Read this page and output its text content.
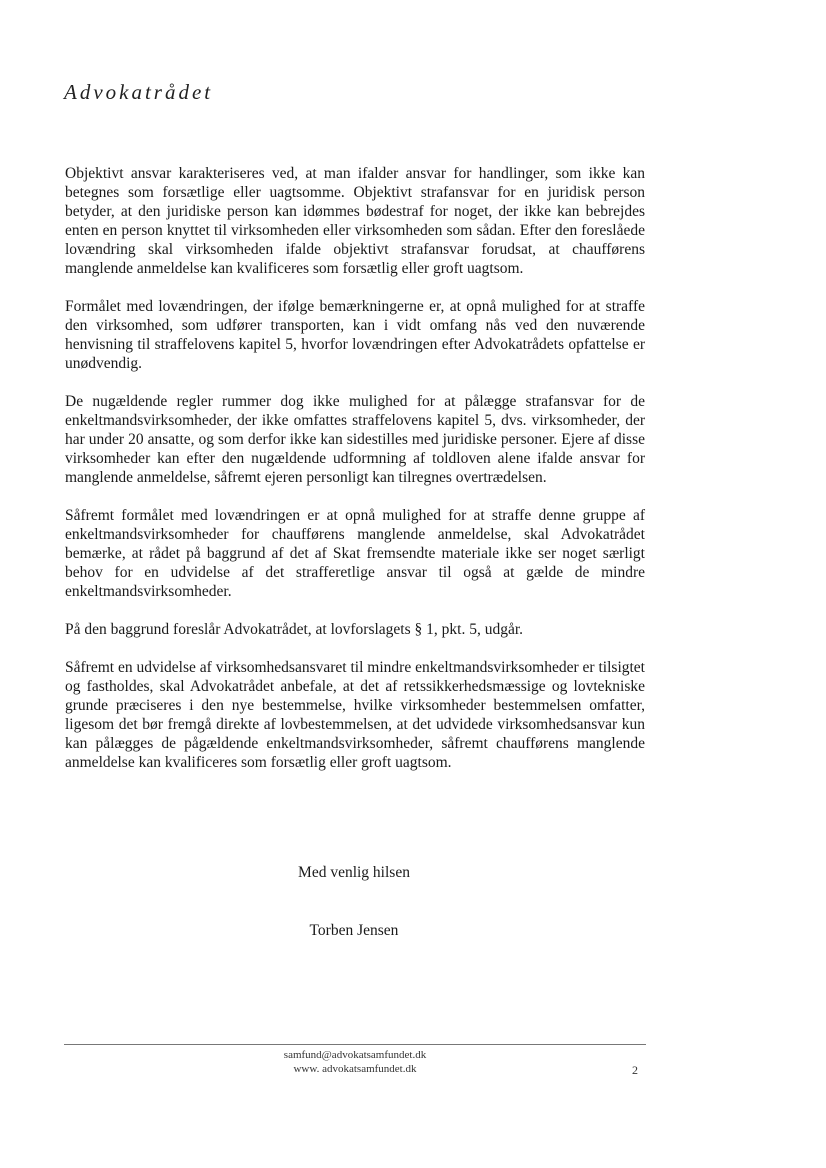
Advokatrådet

Objektivt ansvar karakteriseres ved, at man ifalder ansvar for handlinger, som ikke kan betegnes som forsætlige eller uagtsomme. Objektivt strafansvar for en juridisk person betyder, at den juridiske person kan idømmes bødestraf for noget, der ikke kan bebrejdes enten en person knyttet til virksomheden eller virksomheden som sådan. Efter den foreslåede lovændring skal virksomheden ifalde objektivt strafansvar forudsat, at chaufførens manglende anmeldelse kan kvalificeres som forsætlig eller groft uagtsom.

Formålet med lovændringen, der ifølge bemærkningerne er, at opnå mulighed for at straffe den virksomhed, som udfører transporten, kan i vidt omfang nås ved den nuværende henvisning til straffelovens kapitel 5, hvorfor lovændringen efter Advokatrådets opfattelse er unødvendig.

De nugældende regler rummer dog ikke mulighed for at pålægge strafansvar for de enkeltmandsvirksomheder, der ikke omfattes straffelovens kapitel 5, dvs. virksomheder, der har under 20 ansatte, og som derfor ikke kan sidestilles med juridiske personer. Ejere af disse virksomheder kan efter den nugældende udformning af toldloven alene ifalde ansvar for manglende anmeldelse, såfremt ejeren personligt kan tilregnes overtrædelsen.

Såfremt formålet med lovændringen er at opnå mulighed for at straffe denne gruppe af enkeltmandsvirksomheder for chaufførens manglende anmeldelse, skal Advokatrådet bemærke, at rådet på baggrund af det af Skat fremsendte materiale ikke ser noget særligt behov for en udvidelse af det strafferetlige ansvar til også at gælde de mindre enkeltmandsvirksomheder.

På den baggrund foreslår Advokatrådet, at lovforslagets § 1, pkt. 5, udgår.

Såfremt en udvidelse af virksomhedsansvaret til mindre enkeltmandsvirksomheder er tilsigtet og fastholdes, skal Advokatrådet anbefale, at det af retssikkerhedsmæssige og lovtekniske grunde præciseres i den nye bestemmelse, hvilke virksomheder bestemmelsen omfatter, ligesom det bør fremgå direkte af lovbestemmelsen, at det udvidede virksomhedsansvar kun kan pålægges de pågældende enkeltmandsvirksomheder, såfremt chaufførens manglende anmeldelse kan kvalificeres som forsætlig eller groft uagtsom.

Med venlig hilsen
Torben Jensen
samfund@advokatsamfundet.dk
www. advokatsamfundet.dk	2
